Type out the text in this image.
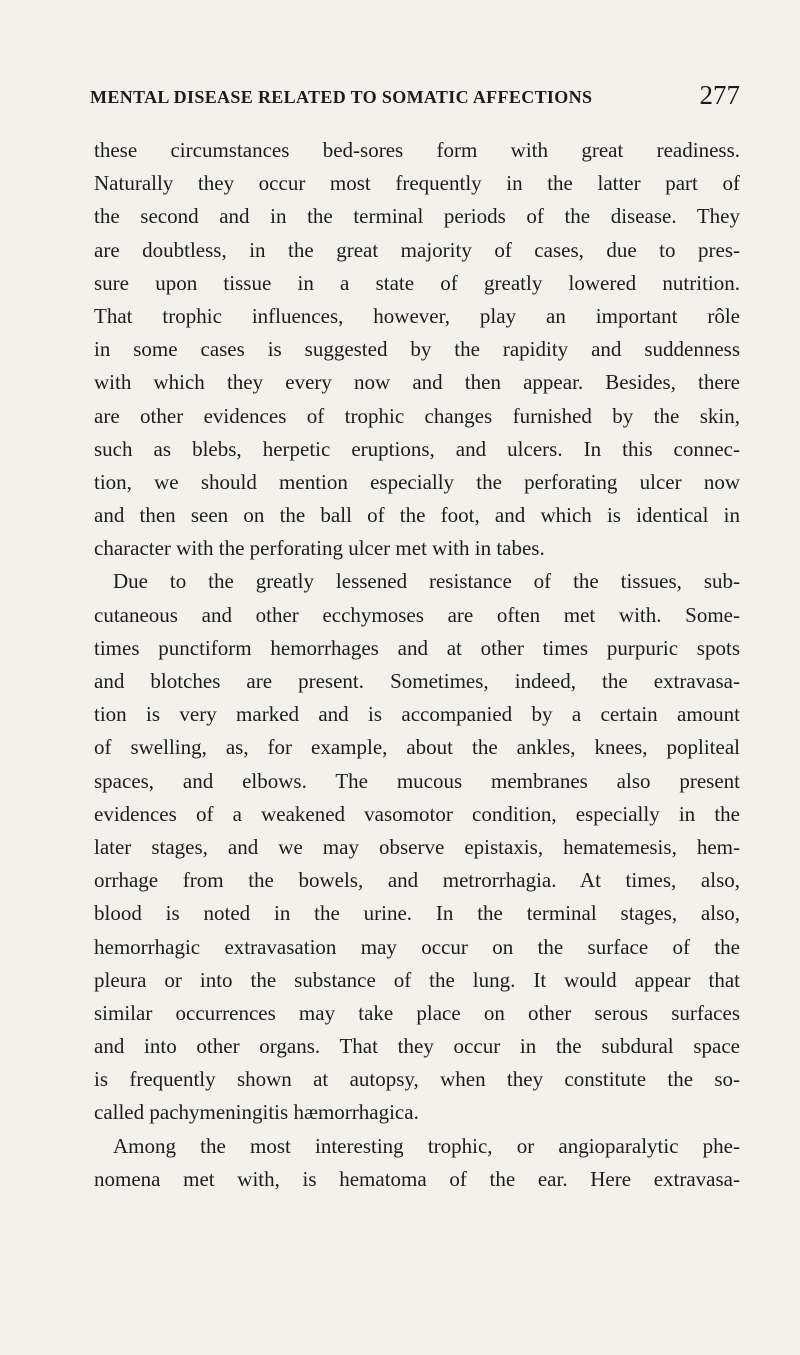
MENTAL DISEASE RELATED TO SOMATIC AFFECTIONS	277
these circumstances bed-sores form with great readiness.
Naturally they occur most frequently in the latter part of
the second and in the terminal periods of the disease. They
are doubtless, in the great majority of cases, due to pres-
sure upon tissue in a state of greatly lowered nutrition.
That trophic influences, however, play an important rôle
in some cases is suggested by the rapidity and suddenness
with which they every now and then appear. Besides, there
are other evidences of trophic changes furnished by the skin,
such as blebs, herpetic eruptions, and ulcers. In this connec-
tion, we should mention especially the perforating ulcer now
and then seen on the ball of the foot, and which is identical in
character with the perforating ulcer met with in tabes.
Due to the greatly lessened resistance of the tissues, sub-
cutaneous and other ecchymoses are often met with. Some-
times punctiform hemorrhages and at other times purpuric spots
and blotches are present. Sometimes, indeed, the extravasa-
tion is very marked and is accompanied by a certain amount
of swelling, as, for example, about the ankles, knees, popliteal
spaces, and elbows. The mucous membranes also present
evidences of a weakened vasomotor condition, especially in the
later stages, and we may observe epistaxis, hematemesis, hem-
orrhage from the bowels, and metrorrhagia. At times, also,
blood is noted in the urine. In the terminal stages, also,
hemorrhagic extravasation may occur on the surface of the
pleura or into the substance of the lung. It would appear that
similar occurrences may take place on other serous surfaces
and into other organs. That they occur in the subdural space
is frequently shown at autopsy, when they constitute the so-
called pachymeningitis hæmorrhagica.
Among the most interesting trophic, or angioparalytic phe-
nomena met with, is hematoma of the ear. Here extravasa-
